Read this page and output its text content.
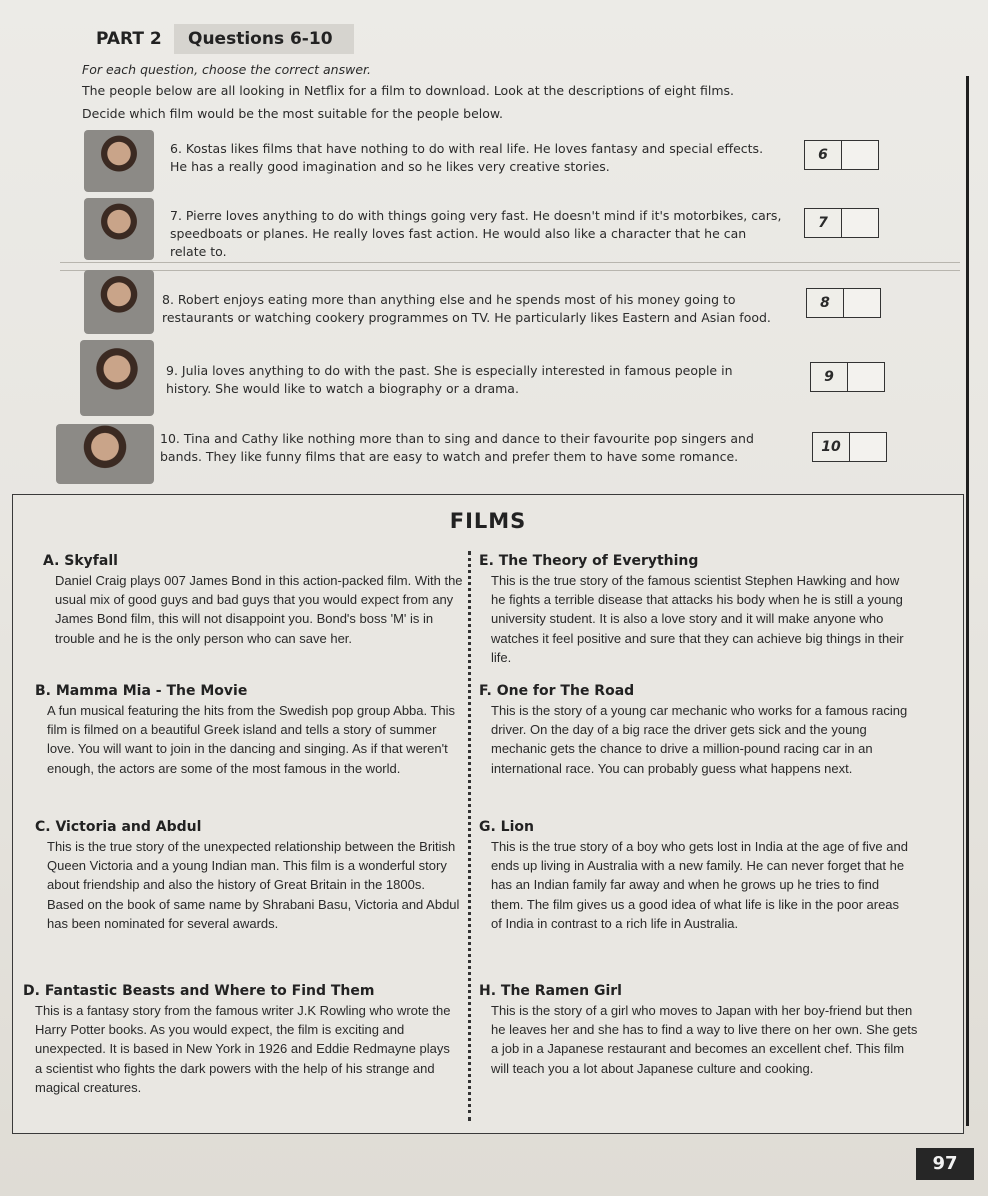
PART 2	Questions 6-10
For each question, choose the correct answer.
The people below are all looking in Netflix for a film to download. Look at the descriptions of eight films.
Decide which film would be the most suitable for the people below.
6. Kostas likes films that have nothing to do with real life. He loves fantasy and special effects.
He has a really good imagination and so he likes very creative stories.
6
7. Pierre loves anything to do with things going very fast. He doesn't mind if it's motorbikes, cars,
speedboats or planes. He really loves fast action. He would also like a character that he can
relate to.
7
8. Robert enjoys eating more than anything else and he spends most of his money going to
restaurants or watching cookery programmes on TV. He particularly likes Eastern and Asian food.
8
9. Julia loves anything to do with the past. She is especially interested in famous people in
history. She would like to watch a biography or a drama.
9
10. Tina and Cathy like nothing more than to sing and dance to their favourite pop singers and
bands. They like funny films that are easy to watch and prefer them to have some romance.
10
FILMS
A. Skyfall
Daniel Craig plays 007 James Bond in this action-packed film. With the usual mix of good guys and bad guys that you would expect from any James Bond film, this will not disappoint you. Bond's boss 'M' is in trouble and he is the only person who can save her.
E. The Theory of Everything
This is the true story of the famous scientist Stephen Hawking and how he fights a terrible disease that attacks his body when he is still a young university student. It is also a love story and it will make anyone who watches it feel positive and sure that they can achieve big things in their life.
B. Mamma Mia - The Movie
A fun musical featuring the hits from the Swedish pop group Abba. This film is filmed on a beautiful Greek island and tells a story of summer love. You will want to join in the dancing and singing. As if that weren't enough, the actors are some of the most famous in the world.
F. One for The Road
This is the story of a young car mechanic who works for a famous racing driver. On the day of a big race the driver gets sick and the young mechanic gets the chance to drive a million-pound racing car in an international race. You can probably guess what happens next.
C. Victoria and Abdul
This is the true story of the unexpected relationship between the British Queen Victoria and a young Indian man. This film is a wonderful story about friendship and also the history of Great Britain in the 1800s. Based on the book of same name by Shrabani Basu, Victoria and Abdul has been nominated for several awards.
G. Lion
This is the true story of a boy who gets lost in India at the age of five and ends up living in Australia with a new family. He can never forget that he has an Indian family far away and when he grows up he tries to find them. The film gives us a good idea of what life is like in the poor areas of India in contrast to a rich life in Australia.
D. Fantastic Beasts and Where to Find Them
This is a fantasy story from the famous writer J.K Rowling who wrote the Harry Potter books. As you would expect, the film is exciting and unexpected. It is based in New York in 1926 and Eddie Redmayne plays a scientist who fights the dark powers with the help of his strange and magical creatures.
H. The Ramen Girl
This is the story of a girl who moves to Japan with her boy-friend but then he leaves her and she has to find a way to live there on her own. She gets a job in a Japanese restaurant and becomes an excellent chef. This film will teach you a lot about Japanese culture and cooking.
97
